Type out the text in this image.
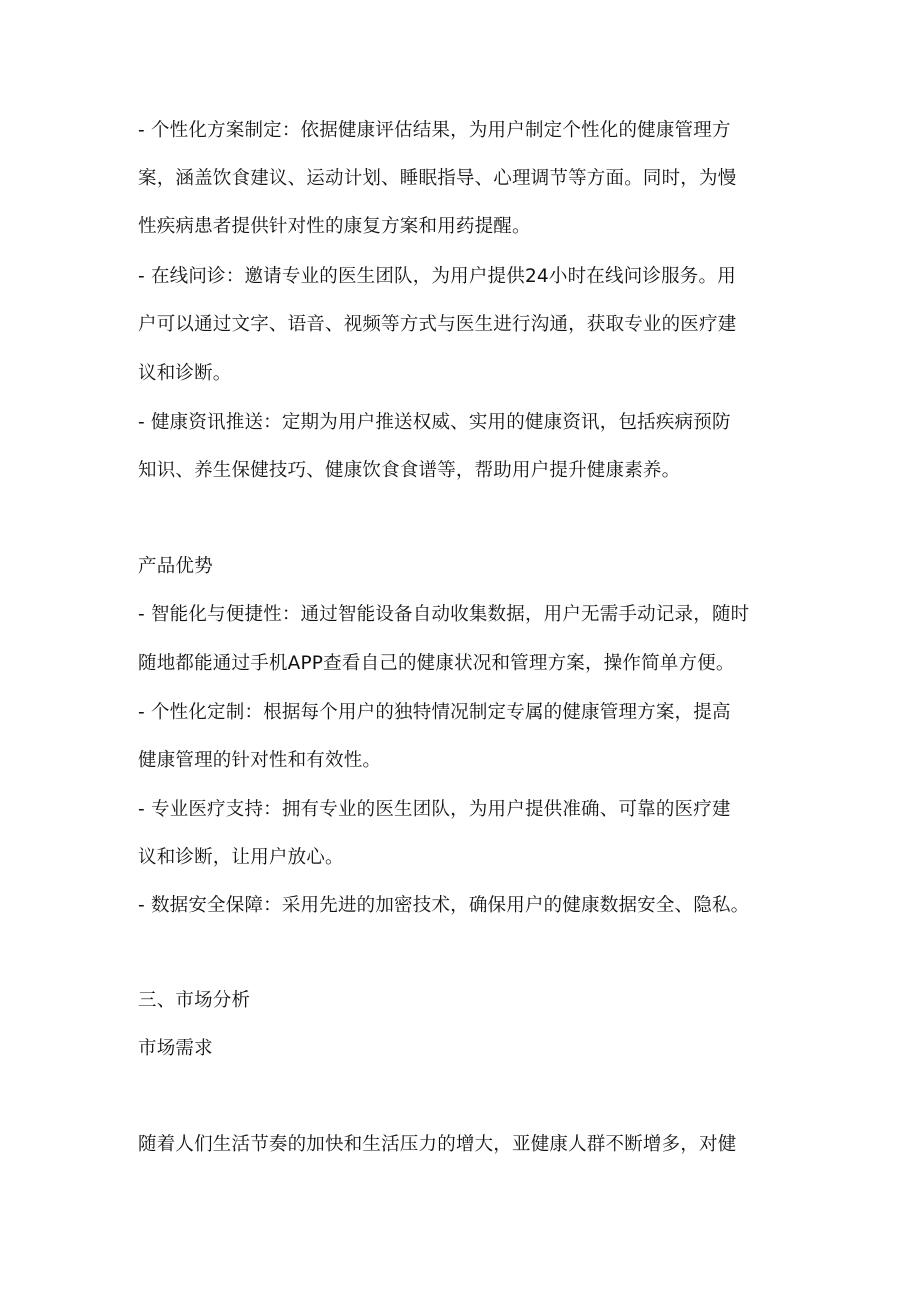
- 个性化方案制定：依据健康评估结果，为用户制定个性化的健康管理方
案，涵盖饮食建议、运动计划、睡眠指导、心理调节等方面。同时，为慢
性疾病患者提供针对性的康复方案和用药提醒。
- 在线问诊：邀请专业的医生团队，为用户提供24小时在线问诊服务。用
户可以通过文字、语音、视频等方式与医生进行沟通，获取专业的医疗建
议和诊断。
- 健康资讯推送：定期为用户推送权威、实用的健康资讯，包括疾病预防
知识、养生保健技巧、健康饮食食谱等，帮助用户提升健康素养。
产品优势
- 智能化与便捷性：通过智能设备自动收集数据，用户无需手动记录，随时
随地都能通过手机APP查看自己的健康状况和管理方案，操作简单方便。
- 个性化定制：根据每个用户的独特情况制定专属的健康管理方案，提高
健康管理的针对性和有效性。
- 专业医疗支持：拥有专业的医生团队，为用户提供准确、可靠的医疗建
议和诊断，让用户放心。
- 数据安全保障：采用先进的加密技术，确保用户的健康数据安全、隐私。
三、市场分析
市场需求
随着人们生活节奏的加快和生活压力的增大，亚健康人群不断增多，对健
